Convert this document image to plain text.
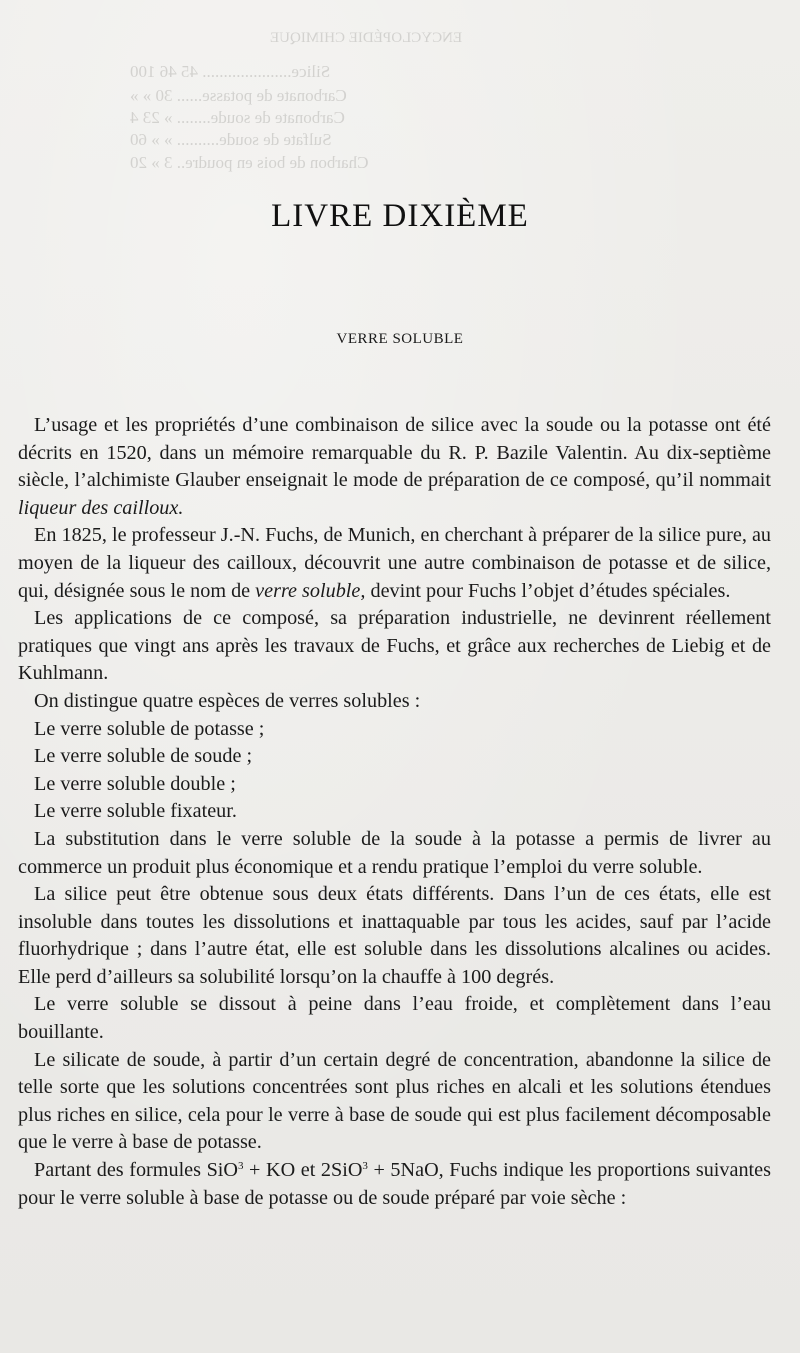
ENCYCLOPÉDIE CHIMIQUE
Silice..................... 45 46 100
Carbonate de potasse...... 30 » »
Carbonate de soude........ » 23 4
Sulfate de soude.......... » » 60
Charbon de bois en poudre.. 3 » 20
LIVRE DIXIÈME
VERRE SOLUBLE

L’usage et les propriétés d’une combinaison de silice avec la soude ou la potasse ont été décrits en 1520, dans un mémoire remarquable du R. P. Bazile Valentin. Au dix-septième siècle, l’alchimiste Glauber enseignait le mode de préparation de ce composé, qu’il nommait liqueur des cailloux.

En 1825, le professeur J.-N. Fuchs, de Munich, en cherchant à préparer de la silice pure, au moyen de la liqueur des cailloux, découvrit une autre combinaison de potasse et de silice, qui, désignée sous le nom de verre soluble, devint pour Fuchs l’objet d’études spéciales.

Les applications de ce composé, sa préparation industrielle, ne devinrent réellement pratiques que vingt ans après les travaux de Fuchs, et grâce aux recherches de Liebig et de Kuhlmann.

On distingue quatre espèces de verres solubles :

Le verre soluble de potasse ;

Le verre soluble de soude ;

Le verre soluble double ;

Le verre soluble fixateur.

La substitution dans le verre soluble de la soude à la potasse a permis de livrer au commerce un produit plus économique et a rendu pratique l’emploi du verre soluble.

La silice peut être obtenue sous deux états différents. Dans l’un de ces états, elle est insoluble dans toutes les dissolutions et inattaquable par tous les acides, sauf par l’acide fluorhydrique ; dans l’autre état, elle est soluble dans les dissolutions alcalines ou acides. Elle perd d’ailleurs sa solubilité lorsqu’on la chauffe à 100 degrés.

Le verre soluble se dissout à peine dans l’eau froide, et complètement dans l’eau bouillante.

Le silicate de soude, à partir d’un certain degré de concentration, abandonne la silice de telle sorte que les solutions concentrées sont plus riches en alcali et les solutions étendues plus riches en silice, cela pour le verre à base de soude qui est plus facilement décomposable que le verre à base de potasse.

Partant des formules SiO$^3$ + KO et 2SiO$^3$ + 5NaO, Fuchs indique les proportions suivantes pour le verre soluble à base de potasse ou de soude préparé par voie sèche :
